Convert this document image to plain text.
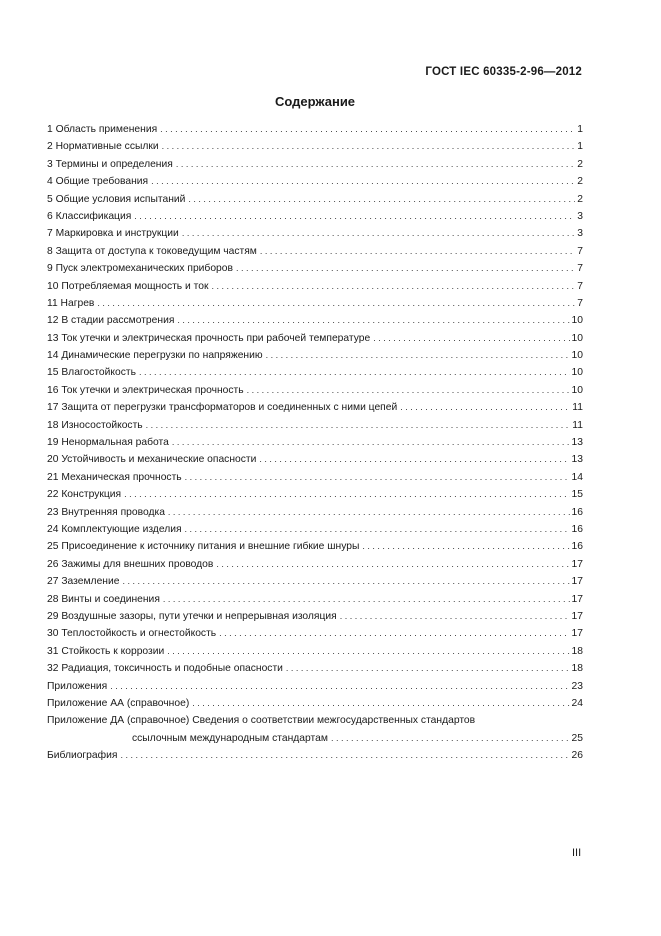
ГОСТ IEC 60335-2-96—2012
Содержание
1 Область применения . . .	1
2 Нормативные ссылки . . .	1
3 Термины и определения . . .	2
4 Общие требования . . .	2
5 Общие условия испытаний . . .	2
6 Классификация . . .	3
7 Маркировка и инструкции . . .	3
8 Защита от доступа к токоведущим частям . . .	7
9 Пуск электромеханических приборов . . .	7
10 Потребляемая мощность и ток . . .	7
11 Нагрев . . .	7
12 В стадии рассмотрения . . .	10
13 Ток утечки и электрическая прочность при рабочей температуре . . .	10
14 Динамические перегрузки по напряжению . . .	10
15 Влагостойкость . . .	10
16 Ток утечки и электрическая прочность . . .	10
17 Защита от перегрузки трансформаторов и соединенных с ними цепей . . .	11
18 Износостойкость . . .	11
19 Ненормальная работа . . .	13
20 Устойчивость и механические опасности . . .	13
21 Механическая прочность . . .	14
22 Конструкция . . .	15
23 Внутренняя проводка . . .	16
24 Комплектующие изделия . . .	16
25 Присоединение к источнику питания и внешние гибкие шнуры . . .	16
26 Зажимы для внешних проводов . . .	17
27 Заземление . . .	17
28 Винты и соединения . . .	17
29 Воздушные зазоры, пути утечки и непрерывная изоляция . . .	17
30 Теплостойкость и огнестойкость . . .	17
31 Стойкость к коррозии . . .	18
32 Радиация, токсичность и подобные опасности . . .	18
Приложения . . .	23
Приложение АА (справочное) . . .	24
Приложение ДА (справочное) Сведения о соответствии межгосударственных стандартов
ссылочным международным стандартам . . .	25
Библиография . . .	26
III
